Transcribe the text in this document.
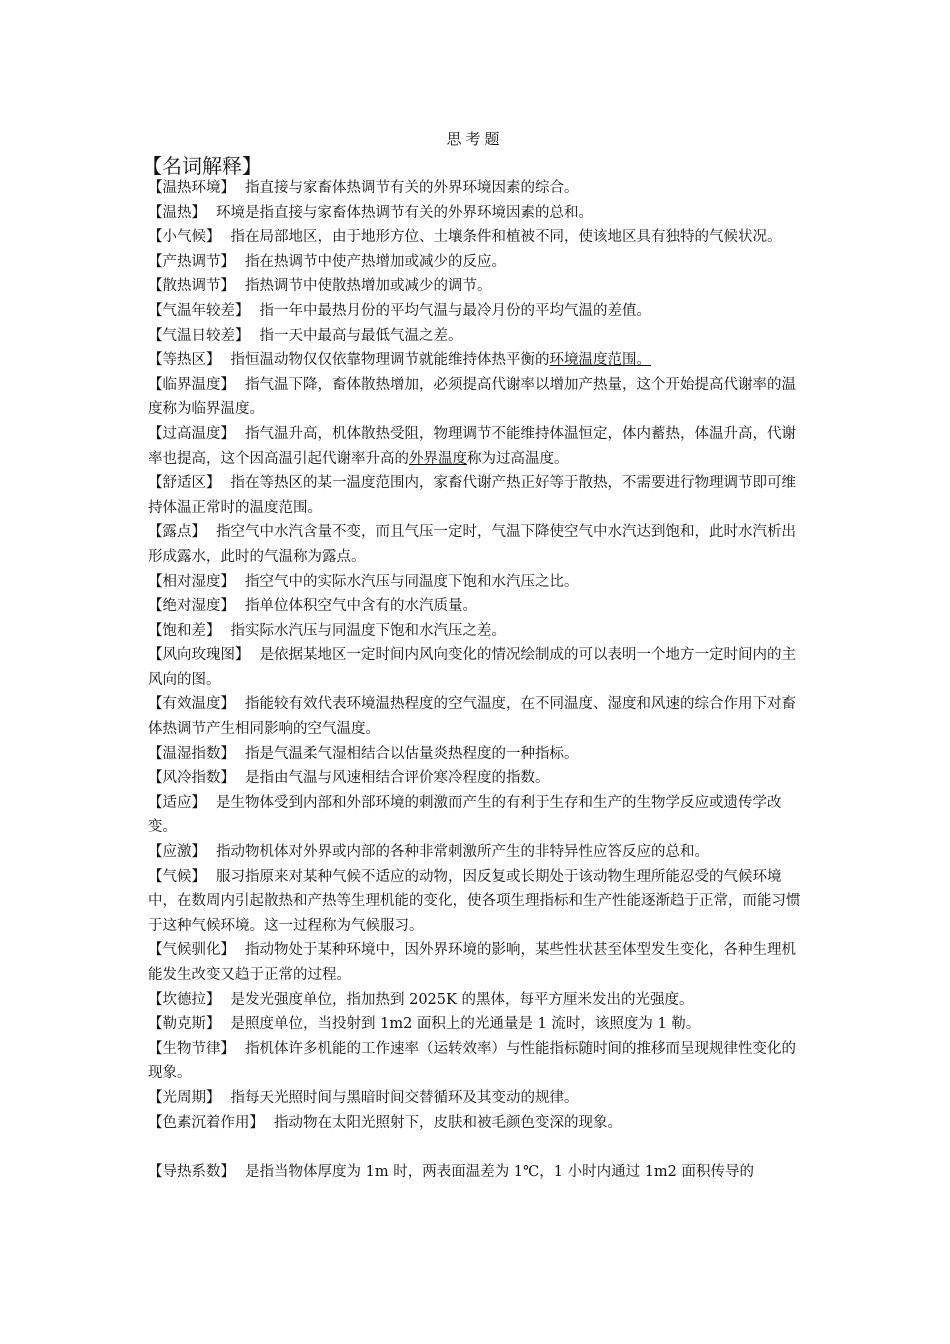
思考题
【名词解释】

【温热环境】 指直接与家畜体热调节有关的外界环境因素的综合。

【温热】 环境是指直接与家畜体热调节有关的外界环境因素的总和。

【小气候】 指在局部地区，由于地形方位、土壤条件和植被不同，使该地区具有独特的气候状况。

【产热调节】 指在热调节中使产热增加或减少的反应。

【散热调节】 指热调节中使散热增加或减少的调节。

【气温年较差】 指一年中最热月份的平均气温与最冷月份的平均气温的差值。

【气温日较差】 指一天中最高与最低气温之差。

【等热区】 指恒温动物仅仅依靠物理调节就能维持体热平衡的环境温度范围。

【临界温度】 指气温下降，畜体散热增加，必须提高代谢率以增加产热量，这个开始提高代谢率的温度称为临界温度。

【过高温度】 指气温升高，机体散热受阻，物理调节不能维持体温恒定，体内蓄热，体温升高，代谢率也提高，这个因高温引起代谢率升高的外界温度称为过高温度。

【舒适区】 指在等热区的某一温度范围内，家畜代谢产热正好等于散热，不需要进行物理调节即可维持体温正常时的温度范围。

【露点】 指空气中水汽含量不变，而且气压一定时，气温下降使空气中水汽达到饱和，此时水汽析出形成露水，此时的气温称为露点。

【相对湿度】 指空气中的实际水汽压与同温度下饱和水汽压之比。

【绝对湿度】 指单位体积空气中含有的水汽质量。

【饱和差】 指实际水汽压与同温度下饱和水汽压之差。

【风向玫瑰图】 是依据某地区一定时间内风向变化的情况绘制成的可以表明一个地方一定时间内的主风向的图。

【有效温度】 指能较有效代表环境温热程度的空气温度，在不同温度、湿度和风速的综合作用下对畜体热调节产生相同影响的空气温度。

【温湿指数】 指是气温柔气湿相结合以估量炎热程度的一种指标。

【风冷指数】 是指由气温与风速相结合评价寒冷程度的指数。

【适应】 是生物体受到内部和外部环境的刺激而产生的有利于生存和生产的生物学反应或遗传学改变。

【应激】 指动物机体对外界或内部的各种非常刺激所产生的非特异性应答反应的总和。

【气候】 服习指原来对某种气候不适应的动物，因反复或长期处于该动物生理所能忍受的气候环境中，在数周内引起散热和产热等生理机能的变化，使各项生理指标和生产性能逐渐趋于正常，而能习惯于这种气候环境。这一过程称为气候服习。

【气候驯化】 指动物处于某种环境中，因外界环境的影响，某些性状甚至体型发生变化，各种生理机能发生改变又趋于正常的过程。

【坎德拉】 是发光强度单位，指加热到 2025K 的黑体，每平方厘米发出的光强度。

【勒克斯】 是照度单位，当投射到 1m2 面积上的光通量是 1 流时，该照度为 1 勒。

【生物节律】 指机体许多机能的工作速率（运转效率）与性能指标随时间的推移而呈现规律性变化的现象。

【光周期】 指每天光照时间与黑暗时间交替循环及其变动的规律。

【色素沉着作用】 指动物在太阳光照射下，皮肤和被毛颜色变深的现象。

【导热系数】 是指当物体厚度为 1m 时，两表面温差为 1℃，1 小时内通过 1m2 面积传导的
